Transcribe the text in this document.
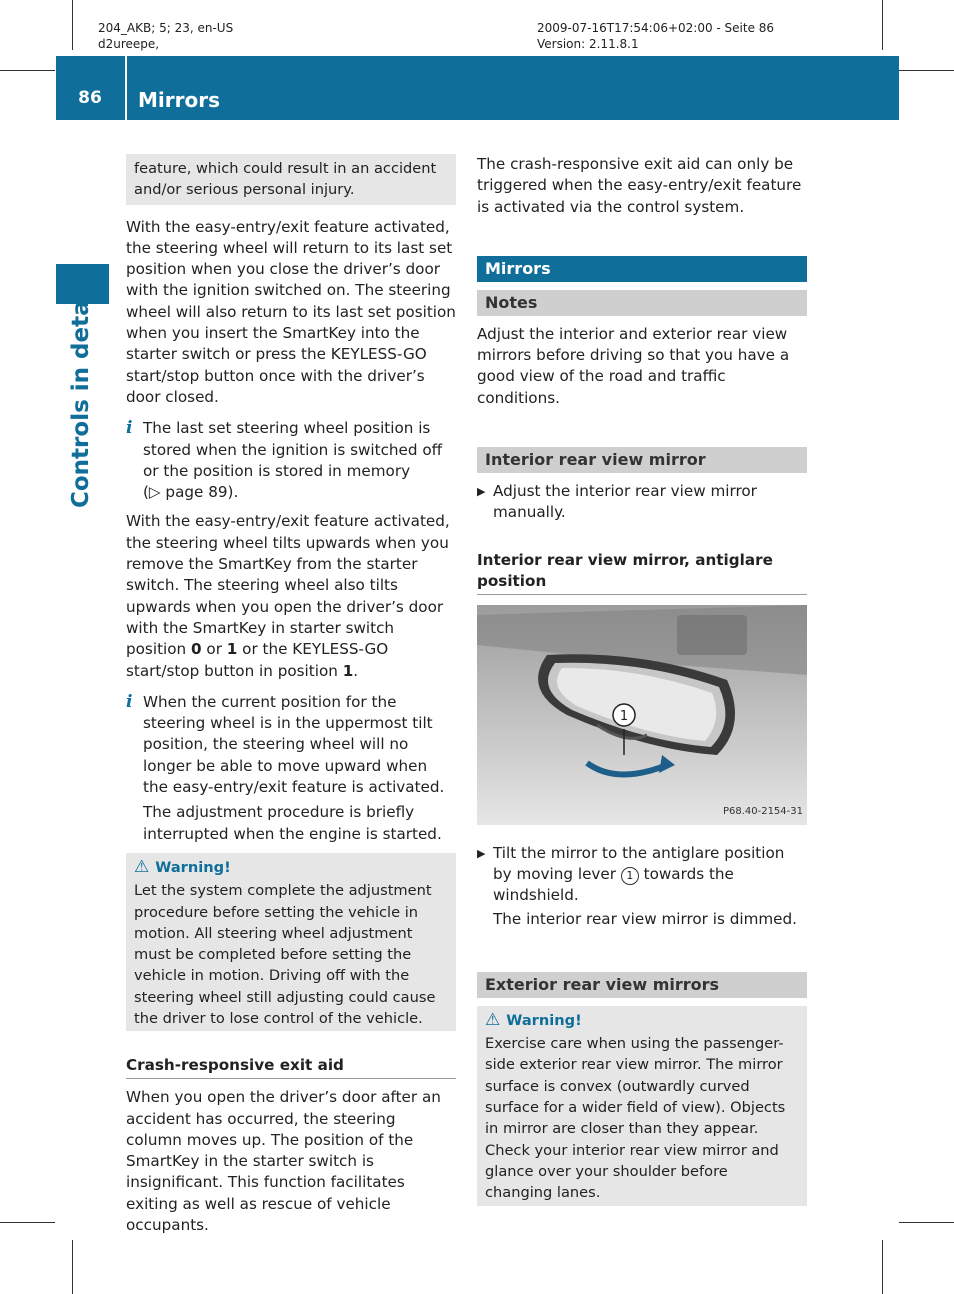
204_AKB; 5; 23, en-US
d2ureepe,
2009-07-16T17:54:06+02:00 - Seite 86
Version: 2.11.8.1
86	Mirrors
Controls in detail
feature, which could result in an accident and/or serious personal injury.

With the easy-entry/exit feature activated, the steering wheel will return to its last set position when you close the driver’s door with the ignition switched on. The steering wheel will also return to its last set position when you insert the SmartKey into the starter switch or press the KEYLESS-GO start/stop button once with the driver’s door closed.

i The last set steering wheel position is stored when the ignition is switched off or the position is stored in memory
(▷ page 89).

With the easy-entry/exit feature activated, the steering wheel tilts upwards when you remove the SmartKey from the starter switch. The steering wheel also tilts upwards when you open the driver’s door with the SmartKey in starter switch position 0 or 1 or the KEYLESS-GO start/stop button in position 1.

i When the current position for the steering wheel is in the uppermost tilt position, the steering wheel will no longer be able to move upward when the easy-entry/exit feature is activated.

The adjustment procedure is briefly interrupted when the engine is started.

⚠ Warning!
Let the system complete the adjustment procedure before setting the vehicle in motion. All steering wheel adjustment must be completed before setting the vehicle in motion. Driving off with the steering wheel still adjusting could cause the driver to lose control of the vehicle.
Crash-responsive exit aid

When you open the driver’s door after an accident has occurred, the steering column moves up. The position of the SmartKey in the starter switch is insignificant. This function facilitates exiting as well as rescue of vehicle occupants.

The crash-responsive exit aid can only be triggered when the easy-entry/exit feature is activated via the control system.

Mirrors
Notes

Adjust the interior and exterior rear view mirrors before driving so that you have a good view of the road and traffic conditions.

Interior rear view mirror
▶ Adjust the interior rear view mirror manually.
Interior rear view mirror, antiglare position
1
P68.40-2154-31
▶ Tilt the mirror to the antiglare position by moving lever 1 towards the windshield.
The interior rear view mirror is dimmed.
Exterior rear view mirrors
⚠ Warning!
Exercise care when using the passenger-side exterior rear view mirror. The mirror surface is convex (outwardly curved surface for a wider field of view). Objects in mirror are closer than they appear. Check your interior rear view mirror and glance over your shoulder before changing lanes.
